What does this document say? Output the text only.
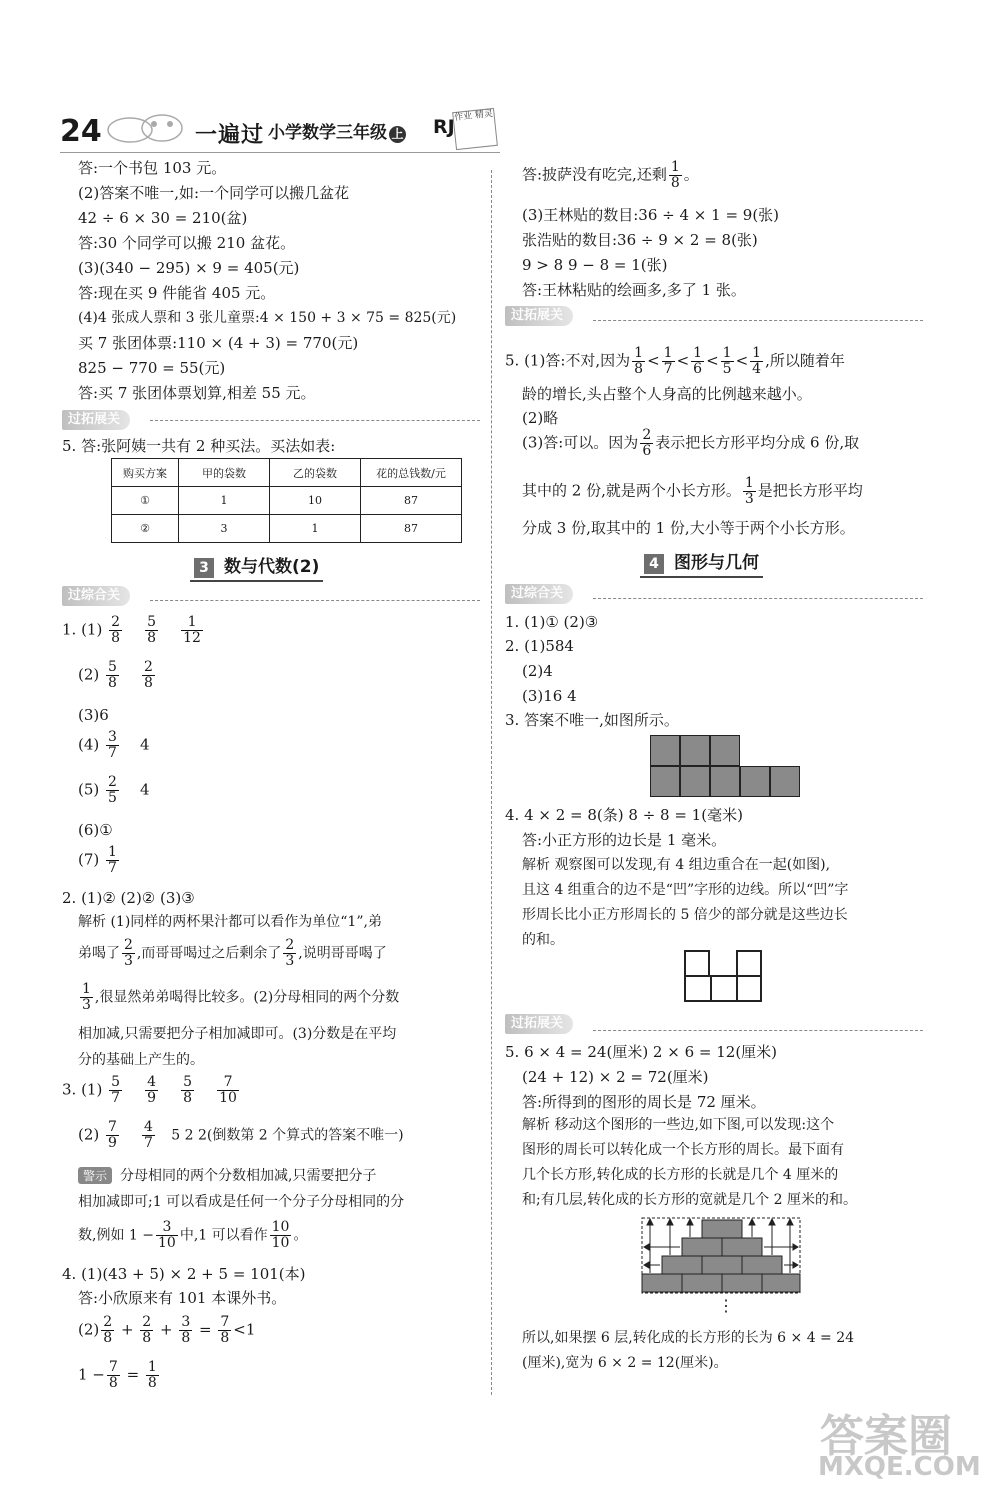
24	一遍过 小学数学三年级 上 RJ 作业 精灵
答:一个书包 103 元。
(2)答案不唯一,如:一个同学可以搬几盆花
42 ÷ 6 × 30 = 210(盆)
答:30 个同学可以搬 210 盆花。
(3)(340 − 295) × 9 = 405(元)
答:现在买 9 件能省 405 元。
(4)4 张成人票和 3 张儿童票:4 × 150 + 3 × 75 = 825(元)
买 7 张团体票:110 × (4 + 3) = 770(元)
825 − 770 = 55(元)
答:买 7 张团体票划算,相差 55 元。
过拓展关
5. 答:张阿姨一共有 2 种买法。买法如表:
购买方案	甲的袋数	乙的袋数	花的总钱数/元
①	1	10	87
②	3	1	87
3 数与代数(2)
过综合关
1. $(1) \frac{2}{8}$
$\frac{5}{8}$
$\frac{1}{12}$
$(2) \frac{5}{8}$
$\frac{2}{8}$
(3)6
$(4) \frac{3}{7} 4$
$(5) \frac{2}{5} 4$
(6)①
$(7) \frac{1}{7}$
2. (1)② (2)② (3)③
解析 (1)同样的两杯果汁都可以看作为单位“1”,弟
弟喝了 $\frac{2}{3}$ ,而哥哥喝过之后剩余了 $\frac{2}{3}$ ,说明哥哥喝了
$\frac{1}{3}$ ,很显然弟弟喝得比较多。(2)分母相同的两个分数
相加减,只需要把分子相加减即可。(3)分数是在平均
分的基础上产生的。
3. $(1) \frac{5}{7}$
$\frac{4}{9}$
$\frac{5}{8}$
$\frac{7}{10}$
$(2) \frac{7}{9}$
$\frac{4}{7} 5$ 2 2(倒数第 2 个算式的答案不唯一)
警示 分母相同的两个分数相加减,只需要把分子
相加减即可;1 可以看成是任何一个分子分母相同的分
数,例如 $1 - \frac{3}{10}$ 中,1 可以看作 $\frac{10}{10}$ 。
4. (1)(43 + 5) × 2 + 5 = 101(本)
答:小欣原来有 101 本课外书。
$(2) \frac{2}{8} + \frac{2}{8} + \frac{3}{8} = \frac{7}{8} <1$
$1 - \frac{7}{8} = \frac{1}{8}$
答:披萨没有吃完,还剩 $\frac{1}{8}$ 。
(3)王林贴的数目:36 ÷ 4 × 1 = 9(张)
张浩贴的数目:36 ÷ 9 × 2 = 8(张)
9 > 8 9 − 8 = 1(张)
答:王林粘贴的绘画多,多了 1 张。
过拓展关
5. (1)答:不对,因为 $\frac{1}{8} < \frac{1}{7} < \frac{1}{6} < \frac{1}{5} < \frac{1}{4}$ ,所以随着年
龄的增长,头占整个人身高的比例越来越小。
(2)略
(3)答:可以。因为 $\frac{2}{6}$ 表示把长方形平均分成 6 份,取
其中的 2 份,就是两个小长方形。 $\frac{1}{3}$ 是把长方形平均
分成 3 份,取其中的 1 份,大小等于两个小长方形。
4 图形与几何
过综合关
1. (1)① (2)③
2. (1)584
(2)4
(3)16 4
3. 答案不唯一,如图所示。
4. 4 × 2 = 8(条) 8 ÷ 8 = 1(毫米)
答:小正方形的边长是 1 毫米。
解析 观察图可以发现,有 4 组边重合在一起(如图),
且这 4 组重合的边不是“凹”字形的边线。所以“凹”字
形周长比小正方形周长的 5 倍少的部分就是这些边长
的和。
过拓展关
5. 6 × 4 = 24(厘米) 2 × 6 = 12(厘米)
(24 + 12) × 2 = 72(厘米)
答:所得到的图形的周长是 72 厘米。
解析 移动这个图形的一些边,如下图,可以发现:这个
图形的周长可以转化成一个长方形的周长。最下面有
几个长方形,转化成的长方形的长就是几个 4 厘米的
和;有几层,转化成的长方形的宽就是几个 2 厘米的和。
⋮
所以,如果摆 6 层,转化成的长方形的长为 6 × 4 = 24
(厘米),宽为 6 × 2 = 12(厘米)。
答案圈
MXQE.COM
